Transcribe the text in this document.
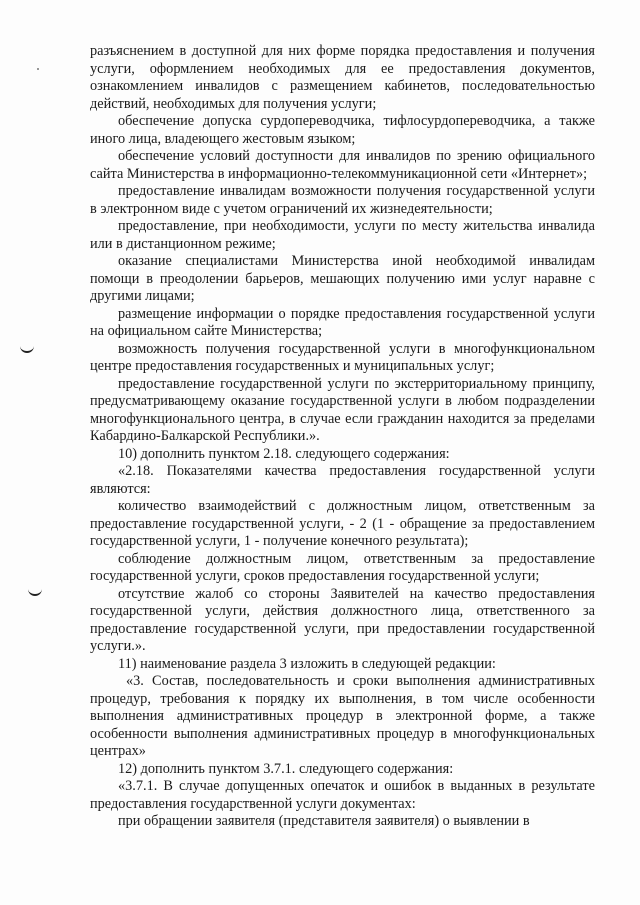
разъяснением в доступной для них форме порядка предоставления и получения услуги, оформлением необходимых для ее предоставления документов, ознакомлением инвалидов с размещением кабинетов, последовательностью действий, необходимых для получения услуги;

обеспечение допуска сурдопереводчика, тифлосурдопереводчика, а также иного лица, владеющего жестовым языком;

обеспечение условий доступности для инвалидов по зрению официального сайта Министерства в информационно-телекоммуникационной сети «Интернет»;

предоставление инвалидам возможности получения государственной услуги в электронном виде с учетом ограничений их жизнедеятельности;

предоставление, при необходимости, услуги по месту жительства инвалида или в дистанционном режиме;

оказание специалистами Министерства иной необходимой инвалидам помощи в преодолении барьеров, мешающих получению ими услуг наравне с другими лицами;

размещение информации о порядке предоставления государственной услуги на официальном сайте Министерства;

возможность получения государственной услуги в многофункциональном центре предоставления государственных и муниципальных услуг;

предоставление государственной услуги по экстерриториальному принципу, предусматривающему оказание государственной услуги в любом подразделении многофункционального центра, в случае если гражданин находится за пределами Кабардино-Балкарской Республики.».

10) дополнить пунктом 2.18. следующего содержания:

«2.18. Показателями качества предоставления государственной услуги являются:

количество взаимодействий с должностным лицом, ответственным за предоставление государственной услуги, - 2 (1 - обращение за предоставлением государственной услуги, 1 - получение конечного результата);

соблюдение должностным лицом, ответственным за предоставление государственной услуги, сроков предоставления государственной услуги;

отсутствие жалоб со стороны Заявителей на качество предоставления государственной услуги, действия должностного лица, ответственного за предоставление государственной услуги, при предоставлении государственной услуги.».

11) наименование раздела 3 изложить в следующей редакции:

«3. Состав, последовательность и сроки выполнения административных процедур, требования к порядку их выполнения, в том числе особенности выполнения административных процедур в электронной форме, а также особенности выполнения административных процедур в многофункциональных центрах»

12) дополнить пунктом 3.7.1. следующего содержания:

«3.7.1. В случае допущенных опечаток и ошибок в выданных в результате предоставления государственной услуги документах:

при обращении заявителя (представителя заявителя) о выявлении в
